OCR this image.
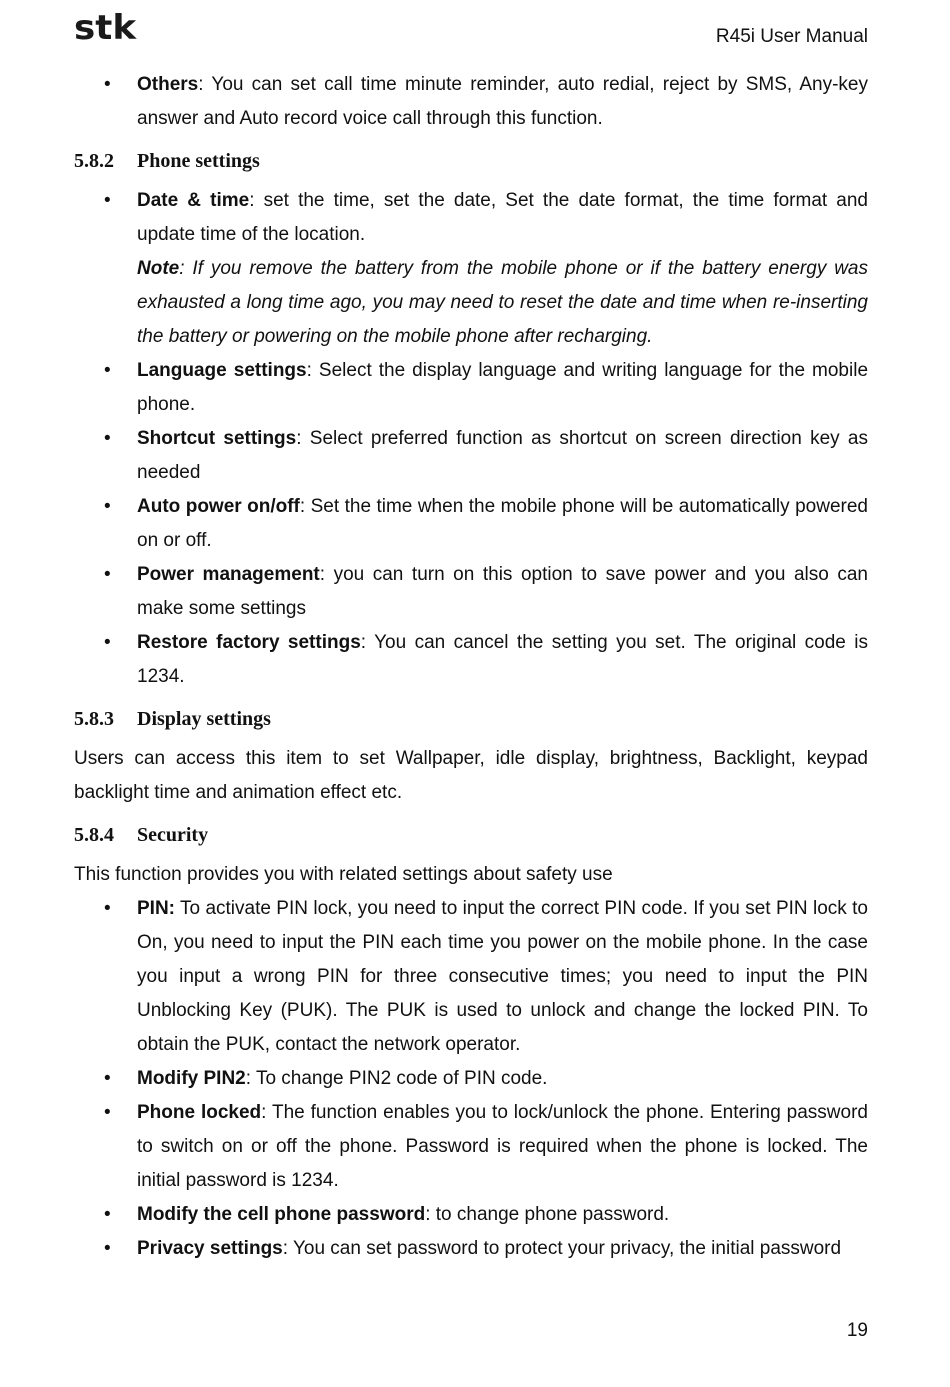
stk	R45i User Manual
• Others: You can set call time minute reminder, auto redial, reject by SMS, Any-key answer and Auto record voice call through this function.
5.8.2 Phone settings
• Date & time: set the time, set the date, Set the date format, the time format and update time of the location.
Note: If you remove the battery from the mobile phone or if the battery energy was exhausted a long time ago, you may need to reset the date and time when re-inserting the battery or powering on the mobile phone after recharging.
• Language settings: Select the display language and writing language for the mobile phone.
• Shortcut settings: Select preferred function as shortcut on screen direction key as needed
• Auto power on/off: Set the time when the mobile phone will be automatically powered on or off.
• Power management: you can turn on this option to save power and you also can make some settings
• Restore factory settings: You can cancel the setting you set. The original code is 1234.
5.8.3 Display settings

Users can access this item to set Wallpaper, idle display, brightness, Backlight, keypad backlight time and animation effect etc.

5.8.4 Security

This function provides you with related settings about safety use

• PIN: To activate PIN lock, you need to input the correct PIN code. If you set PIN lock to On, you need to input the PIN each time you power on the mobile phone. In the case you input a wrong PIN for three consecutive times; you need to input the PIN Unblocking Key (PUK). The PUK is used to unlock and change the locked PIN. To obtain the PUK, contact the network operator.
• Modify PIN2: To change PIN2 code of PIN code.
• Phone locked: The function enables you to lock/unlock the phone. Entering password to switch on or off the phone. Password is required when the phone is locked. The initial password is 1234.
• Modify the cell phone password: to change phone password.
• Privacy settings: You can set password to protect your privacy, the initial password
19
